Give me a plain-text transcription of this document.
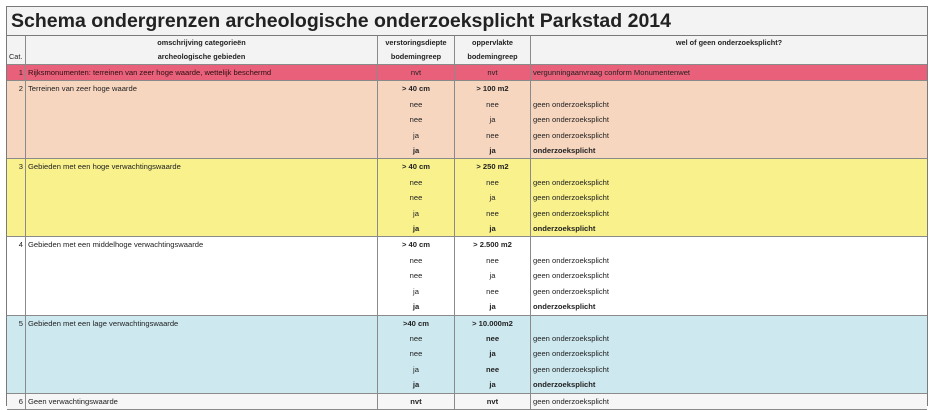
Schema ondergrenzen archeologische onderzoeksplicht Parkstad 2014
	omschrijving categorieën	verstoringsdiepte	oppervlakte	wel of geen onderzoeksplicht?
Cat.	archeologische gebieden	bodemingreep	bodemingreep	
1	Rijksmonumenten: terreinen van zeer hoge waarde, wettelijk beschermd	nvt	nvt	vergunningaanvraag conform Monumentenwet
2	Terreinen van zeer hoge waarde	> 40 cm	> 100 m2	
		nee	nee	geen onderzoeksplicht
		nee	ja	geen onderzoeksplicht
		ja	nee	geen onderzoeksplicht
		ja	ja	onderzoeksplicht
3	Gebieden met een hoge verwachtingswaarde	> 40 cm	> 250 m2	
		nee	nee	geen onderzoeksplicht
		nee	ja	geen onderzoeksplicht
		ja	nee	geen onderzoeksplicht
		ja	ja	onderzoeksplicht
4	Gebieden met een middelhoge verwachtingswaarde	> 40 cm	> 2.500 m2	
		nee	nee	geen onderzoeksplicht
		nee	ja	geen onderzoeksplicht
		ja	nee	geen onderzoeksplicht
		ja	ja	onderzoeksplicht
5	Gebieden met een lage verwachtingswaarde	>40 cm	> 10.000m2	
		nee	nee	geen onderzoeksplicht
		nee	ja	geen onderzoeksplicht
		ja	nee	geen onderzoeksplicht
		ja	ja	onderzoeksplicht
6	Geen verwachtingswaarde	nvt	nvt	geen onderzoeksplicht
